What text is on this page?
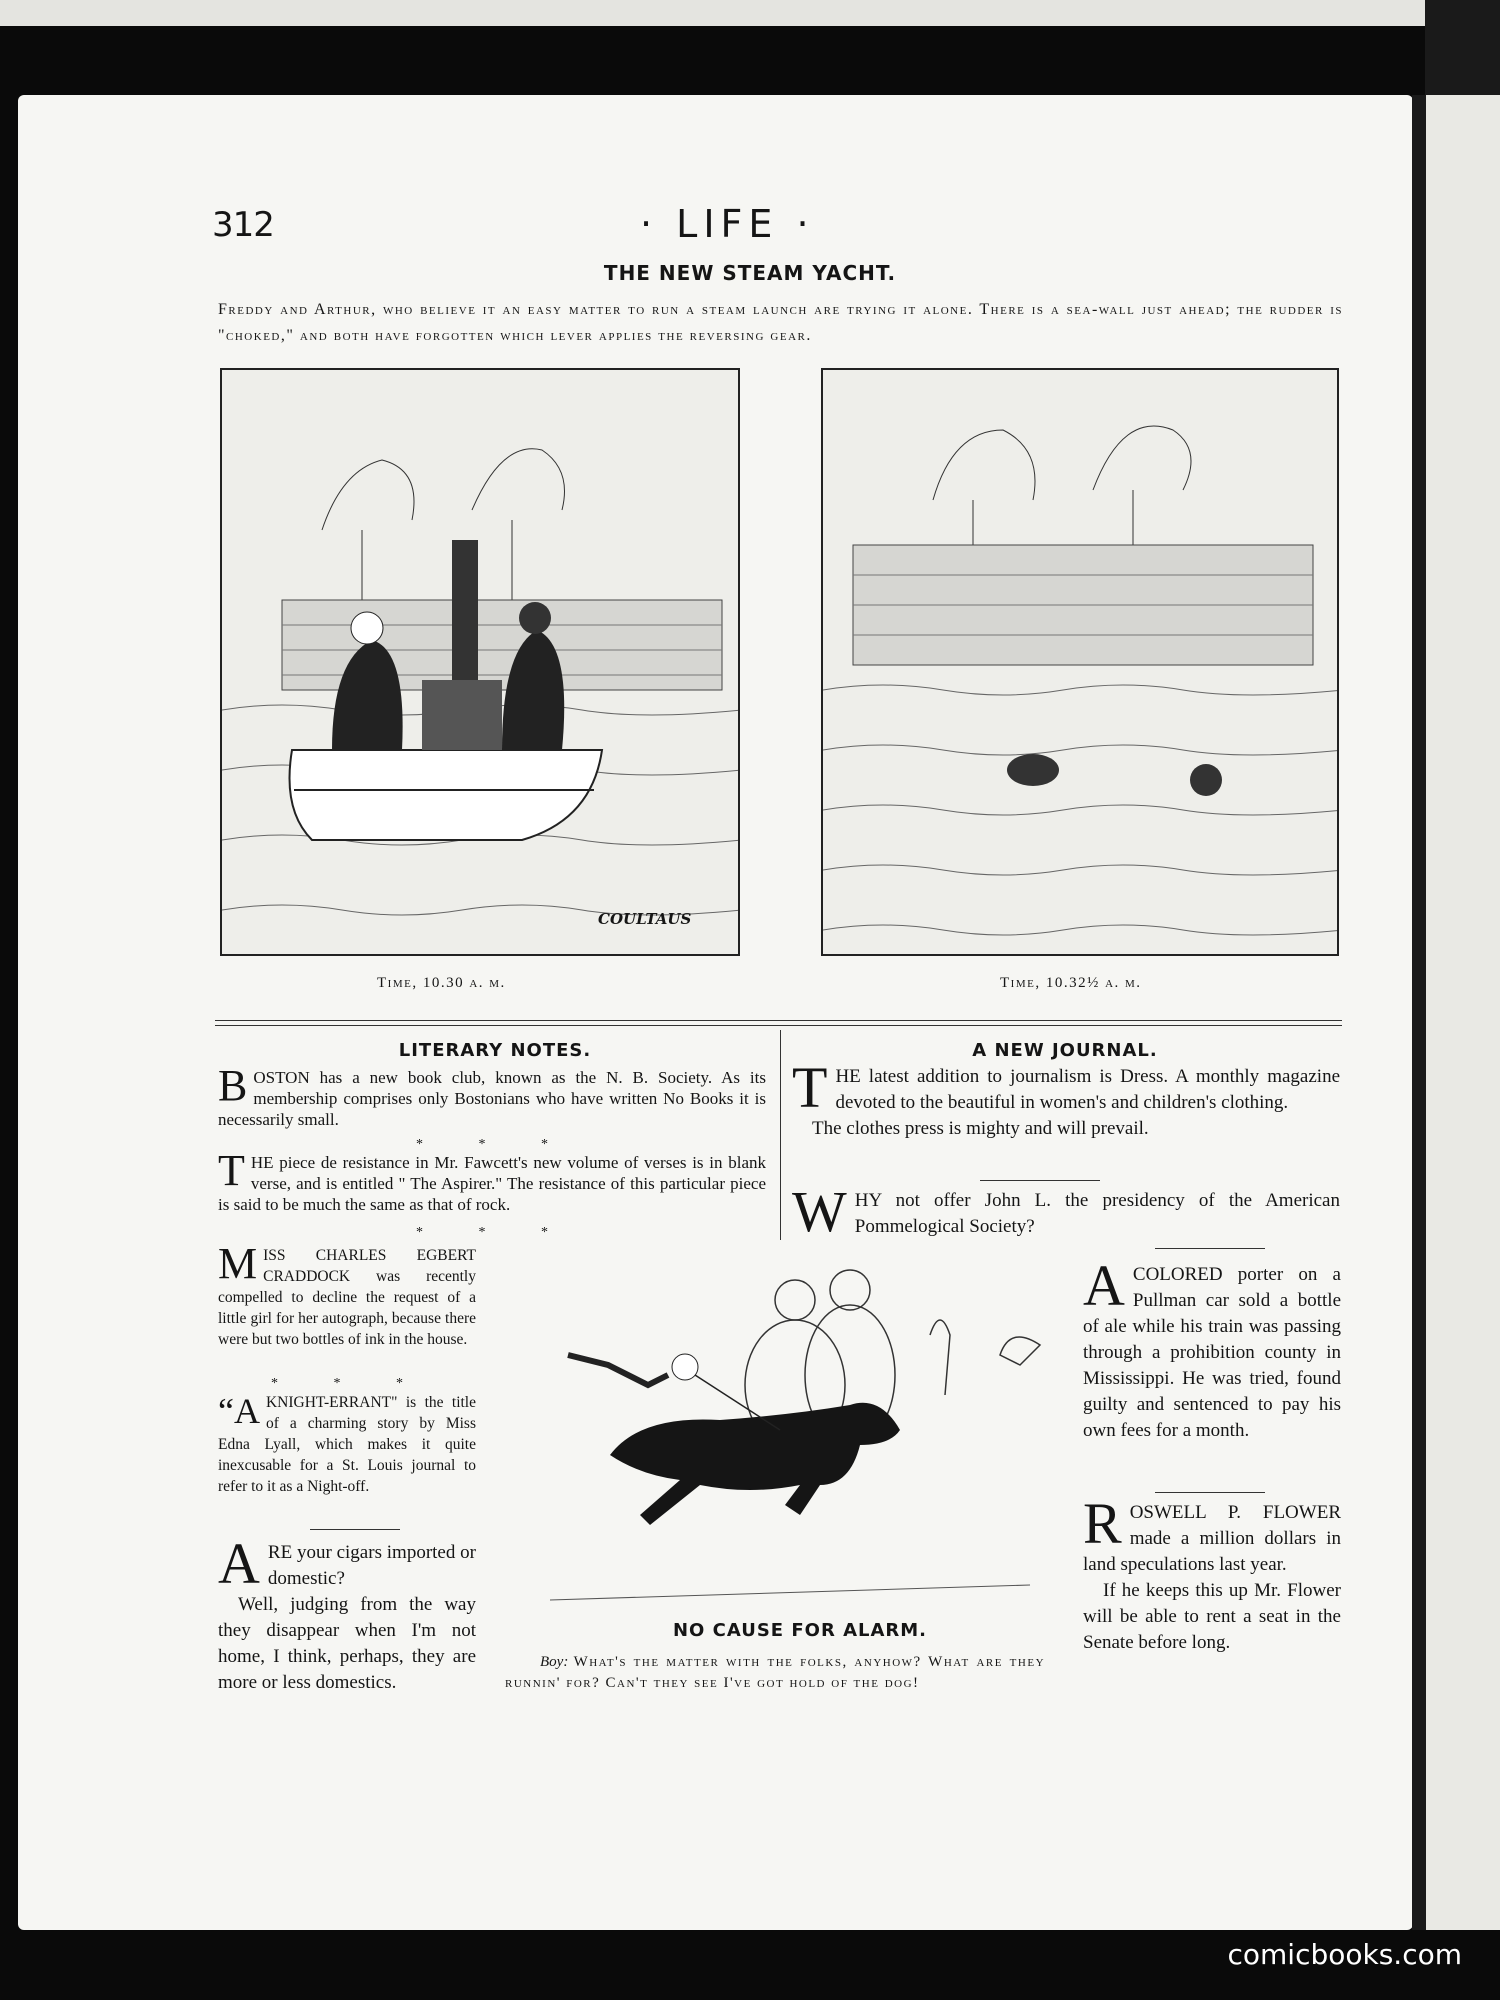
312	· LIFE ·
THE NEW STEAM YACHT.
Freddy and Arthur, who believe it an easy matter to run a steam launch are trying it alone. There is a sea-wall just ahead; the rudder is "choked," and both have forgotten which lever applies the reversing gear.
COULTAUS
Time, 10.30 a. m.	Time, 10.32½ a. m.
LITERARY NOTES.
B OSTON has a new book club, known as the N. B. Society. As its membership comprises only Bostonians who have written No Books it is necessarily small.
* * *
T HE piece de resistance in Mr. Fawcett's new volume of verses is in blank verse, and is entitled " The Aspirer." The resistance of this particular piece is said to be much the same as that of rock.
* * *
M ISS CHARLES EGBERT CRADDOCK was recently compelled to decline the request of a little girl for her autograph, because there were but two bottles of ink in the house.
* * *
“A KNIGHT-ERRANT" is the title of a charming story by Miss Edna Lyall, which makes it quite inexcusable for a St. Louis journal to refer to it as a Night-off.
A RE your cigars imported or domestic?

Well, judging from the way they disappear when I'm not home, I think, perhaps, they are more or less domestics.

A NEW JOURNAL.
T HE latest addition to journalism is Dress. A monthly magazine devoted to the beautiful in women's and children's clothing.

The clothes press is mighty and will prevail.

W HY not offer John L. the presidency of the American Pommelogical Society?
NO CAUSE FOR ALARM.
Boy: What's the matter with the folks, anyhow? What are they runnin' for? Can't they see I've got hold of the dog!
A COLORED porter on a Pullman car sold a bottle of ale while his train was passing through a prohibition county in Mississippi. He was tried, found guilty and sentenced to pay his own fees for a month.
R OSWELL P. FLOWER made a million dollars in land speculations last year.

If he keeps this up Mr. Flower will be able to rent a seat in the Senate before long.

comicbooks.com
